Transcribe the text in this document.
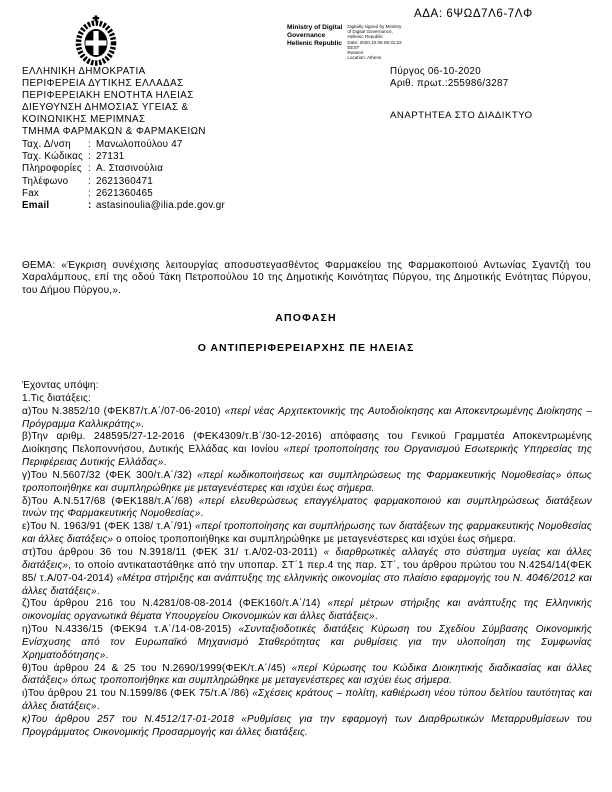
ΑΔΑ: 6ΨΩΔ7Λ6-7ΛΦ
Ministry of Digital
Governance
Hellenic Republic
Digitally signed by Ministry
of Digital Governance,
Hellenic Republic
Date: 2020.10.06 09:31:22
EEST
Reason:
Location: Athens
ΕΛΛΗΝΙΚΗ ΔΗΜΟΚΡΑΤΙΑ
ΠΕΡΙΦΕΡΕΙΑ ΔΥΤΙΚΗΣ ΕΛΛΑΔΑΣ
ΠΕΡΙΦΕΡΕΙΑΚΗ ΕΝΟΤΗΤΑ ΗΛΕΙΑΣ
ΔΙΕΥΘΥΝΣΗ ΔΗΜΟΣΙΑΣ ΥΓΕΙΑΣ &
ΚΟΙΝΩΝΙΚΗΣ ΜΕΡΙΜΝΑΣ
ΤΜΗΜΑ ΦΑΡΜΑΚΩΝ & ΦΑΡΜΑΚΕΙΩΝ
Ταχ. Δ/νση	: Μανωλοπούλου 47
Ταχ. Κώδικας : 27131
Πληροφορίες : Α. Στασινούλια
Τηλέφωνο	: 2621360471
Fax	: 2621360465
Email	: astasinoulia@ilia.pde.gov.gr
Πύργος 06-10-2020
Αριθ. πρωτ.:255986/3287
ΑΝΑΡΤΗΤΕΑ ΣΤΟ ΔΙΑΔΙΚΤΥΟ

ΘΕΜΑ: «Έγκριση συνέχισης λειτουργίας αποσυστεγασθέντος Φαρμακείου της Φαρμακοποιού Αντωνίας Σγαντζή του Χαραλάμπους, επί της οδού Τάκη Πετροπούλου 10 της Δημοτικής Κοινότητας Πύργου, της Δημοτικής Ενότητας Πύργου, του Δήμου Πύργου,».

ΑΠΟΦΑΣΗ
Ο ΑΝΤΙΠΕΡΙΦΕΡΕΙΑΡΧΗΣ ΠΕ ΗΛΕΙΑΣ

Έχοντας υπόψη:

1.Τις διατάξεις:

α)Του Ν.3852/10 (ΦΕΚ87/τ.Α΄/07-06-2010) «περί νέας Αρχιτεκτονικής της Αυτοδιοίκησης και Αποκεντρωμένης Διοίκησης – Πρόγραμμα Καλλικράτης».

β)Την αριθμ. 248595/27-12-2016 (ΦΕΚ4309/τ.Β΄/30-12-2016) απόφασης του Γενικού Γραμματέα Αποκεντρωμένης Διοίκησης Πελοποννήσου, Δυτικής Ελλάδας και Ιονίου «περί τροποποίησης του Οργανισμού Εσωτερικής Υπηρεσίας της Περιφέρειας Δυτικής Ελλάδας».

γ)Του Ν.5607/32 (ΦΕΚ 300/τ.Α΄/32) «περί κωδικοποιήσεως και συμπληρώσεως της Φαρμακευτικής Νομοθεσίας» όπως τροποποιήθηκε και συμπληρώθηκε με μεταγενέστερες και ισχύει έως σήμερα.

δ)Του Α.Ν.517/68 (ΦΕΚ188/τ.Α΄/68) «περί ελευθερώσεως επαγγέλματος φαρμακοποιού και συμπληρώσεως διατάξεων τινών της Φαρμακευτικής Νομοθεσίας».

ε)Του Ν. 1963/91 (ΦΕΚ 138/ τ.Α΄/91) «περί τροποποίησης και συμπλήρωσης των διατάξεων της φαρμακευτικής Νομοθεσίας και άλλες διατάξεις» ο οποίος τροποποιήθηκε και συμπληρώθηκε με μεταγενέστερες και ισχύει έως σήμερα.

στ)Του άρθρου 36 του Ν.3918/11 (ΦΕΚ 31/ τ.Α/02-03-2011) « διαρθρωτικές αλλαγές στο σύστημα υγείας και άλλες διατάξεις», το οποίο αντικαταστάθηκε από την υποπαρ. ΣΤ΄1 περ.4 της παρ. ΣΤ΄, του άρθρου πρώτου του Ν.4254/14(ΦΕΚ 85/ τ.Α/07-04-2014) «Μέτρα στήριξης και ανάπτυξης της ελληνικής οικονομίας στο πλαίσιο εφαρμογής του Ν. 4046/2012 και άλλες διατάξεις».

ζ)Του άρθρου 216 του Ν.4281/08-08-2014 (ΦΕΚ160/τ.Α΄/14) «περί μέτρων στήριξης και ανάπτυξης της Ελληνικής οικονομίας οργανωτικά θέματα Υπουργείου Οικονομικών και άλλες διατάξεις».

η)Του Ν.4336/15 (ΦΕΚ94 τ.Α΄/14-08-2015) «Συνταξιοδοτικές διατάξεις Κύρωση του Σχεδίου Σύμβασης Οικονομικής Ενίσχυσης από τον Ευρωπαϊκό Μηχανισμό Σταθερότητας και ρυθμίσεις για την υλοποίηση της Συμφωνίας Χρηματοδότησης».

θ)Του άρθρου 24 & 25 του Ν.2690/1999(ΦΕΚ/τ.Α΄/45) «περί Κύρωσης του Κώδικα Διοικητικής διαδικασίας και άλλες διατάξεις» όπως τροποποιήθηκε και συμπληρώθηκε με μεταγενέστερες και ισχύει έως σήμερα.

ι)Του άρθρου 21 του Ν.1599/86 (ΦΕΚ 75/τ.Α΄/86) «Σχέσεις κράτους – πολίτη, καθιέρωση νέου τύπου δελτίου ταυτότητας και άλλες διατάξεις».

κ)Του άρθρου 257 του Ν.4512/17-01-2018 «Ρυθμίσεις για την εφαρμογή των Διαρθρωτικών Μεταρρυθμίσεων του Προγράμματος Οικονομικής Προσαρμογής και άλλες διατάξεις.
